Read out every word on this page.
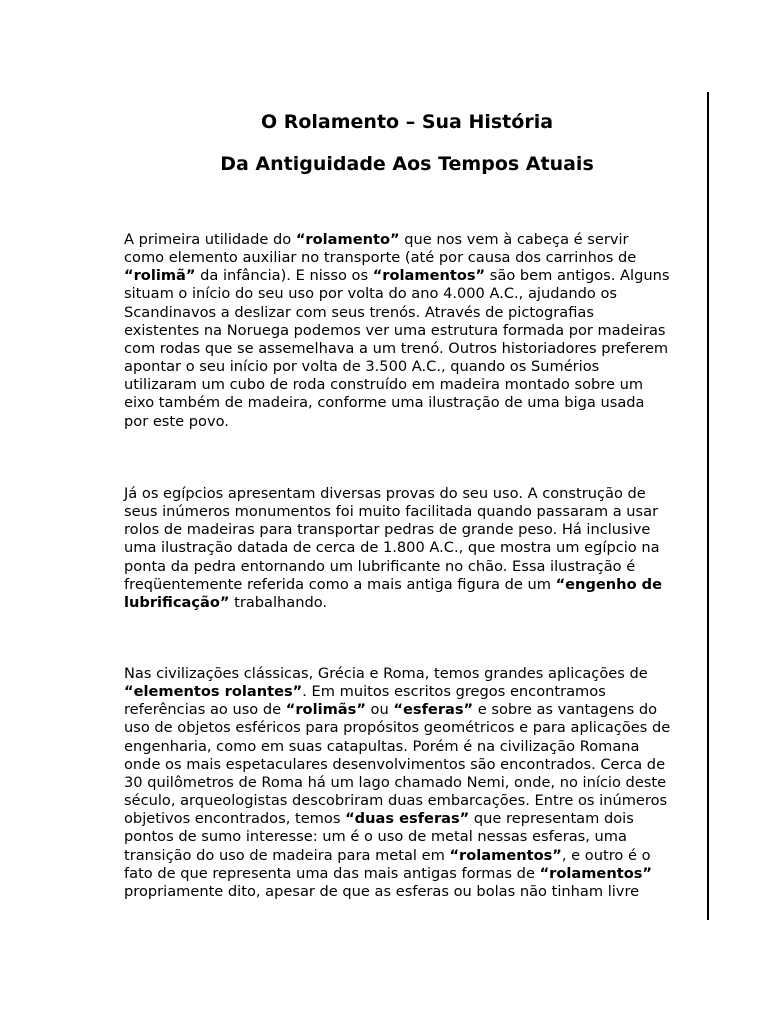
O Rolamento – Sua História
Da Antiguidade Aos Tempos Atuais

A primeira utilidade do “rolamento” que nos vem à cabeça é servir
como elemento auxiliar no transporte (até por causa dos carrinhos de
“rolimã” da infância). E nisso os “rolamentos” são bem antigos. Alguns
situam o início do seu uso por volta do ano 4.000 A.C., ajudando os
Scandinavos a deslizar com seus trenós. Através de pictografias
existentes na Noruega podemos ver uma estrutura formada por madeiras
com rodas que se assemelhava a um trenó. Outros historiadores preferem
apontar o seu início por volta de 3.500 A.C., quando os Sumérios
utilizaram um cubo de roda construído em madeira montado sobre um
eixo também de madeira, conforme uma ilustração de uma biga usada
por este povo.

Já os egípcios apresentam diversas provas do seu uso. A construção de
seus inúmeros monumentos foi muito facilitada quando passaram a usar
rolos de madeiras para transportar pedras de grande peso. Há inclusive
uma ilustração datada de cerca de 1.800 A.C., que mostra um egípcio na
ponta da pedra entornando um lubrificante no chão. Essa ilustração é
freqüentemente referida como a mais antiga figura de um “engenho de
lubrificação” trabalhando.

Nas civilizações clássicas, Grécia e Roma, temos grandes aplicações de
“elementos rolantes”. Em muitos escritos gregos encontramos
referências ao uso de “rolimãs” ou “esferas” e sobre as vantagens do
uso de objetos esféricos para propósitos geométricos e para aplicações de
engenharia, como em suas catapultas. Porém é na civilização Romana
onde os mais espetaculares desenvolvimentos são encontrados. Cerca de
30 quilômetros de Roma há um lago chamado Nemi, onde, no início deste
século, arqueologistas descobriram duas embarcações. Entre os inúmeros
objetivos encontrados, temos “duas esferas” que representam dois
pontos de sumo interesse: um é o uso de metal nessas esferas, uma
transição do uso de madeira para metal em “rolamentos”, e outro é o
fato de que representa uma das mais antigas formas de “rolamentos”
propriamente dito, apesar de que as esferas ou bolas não tinham livre
